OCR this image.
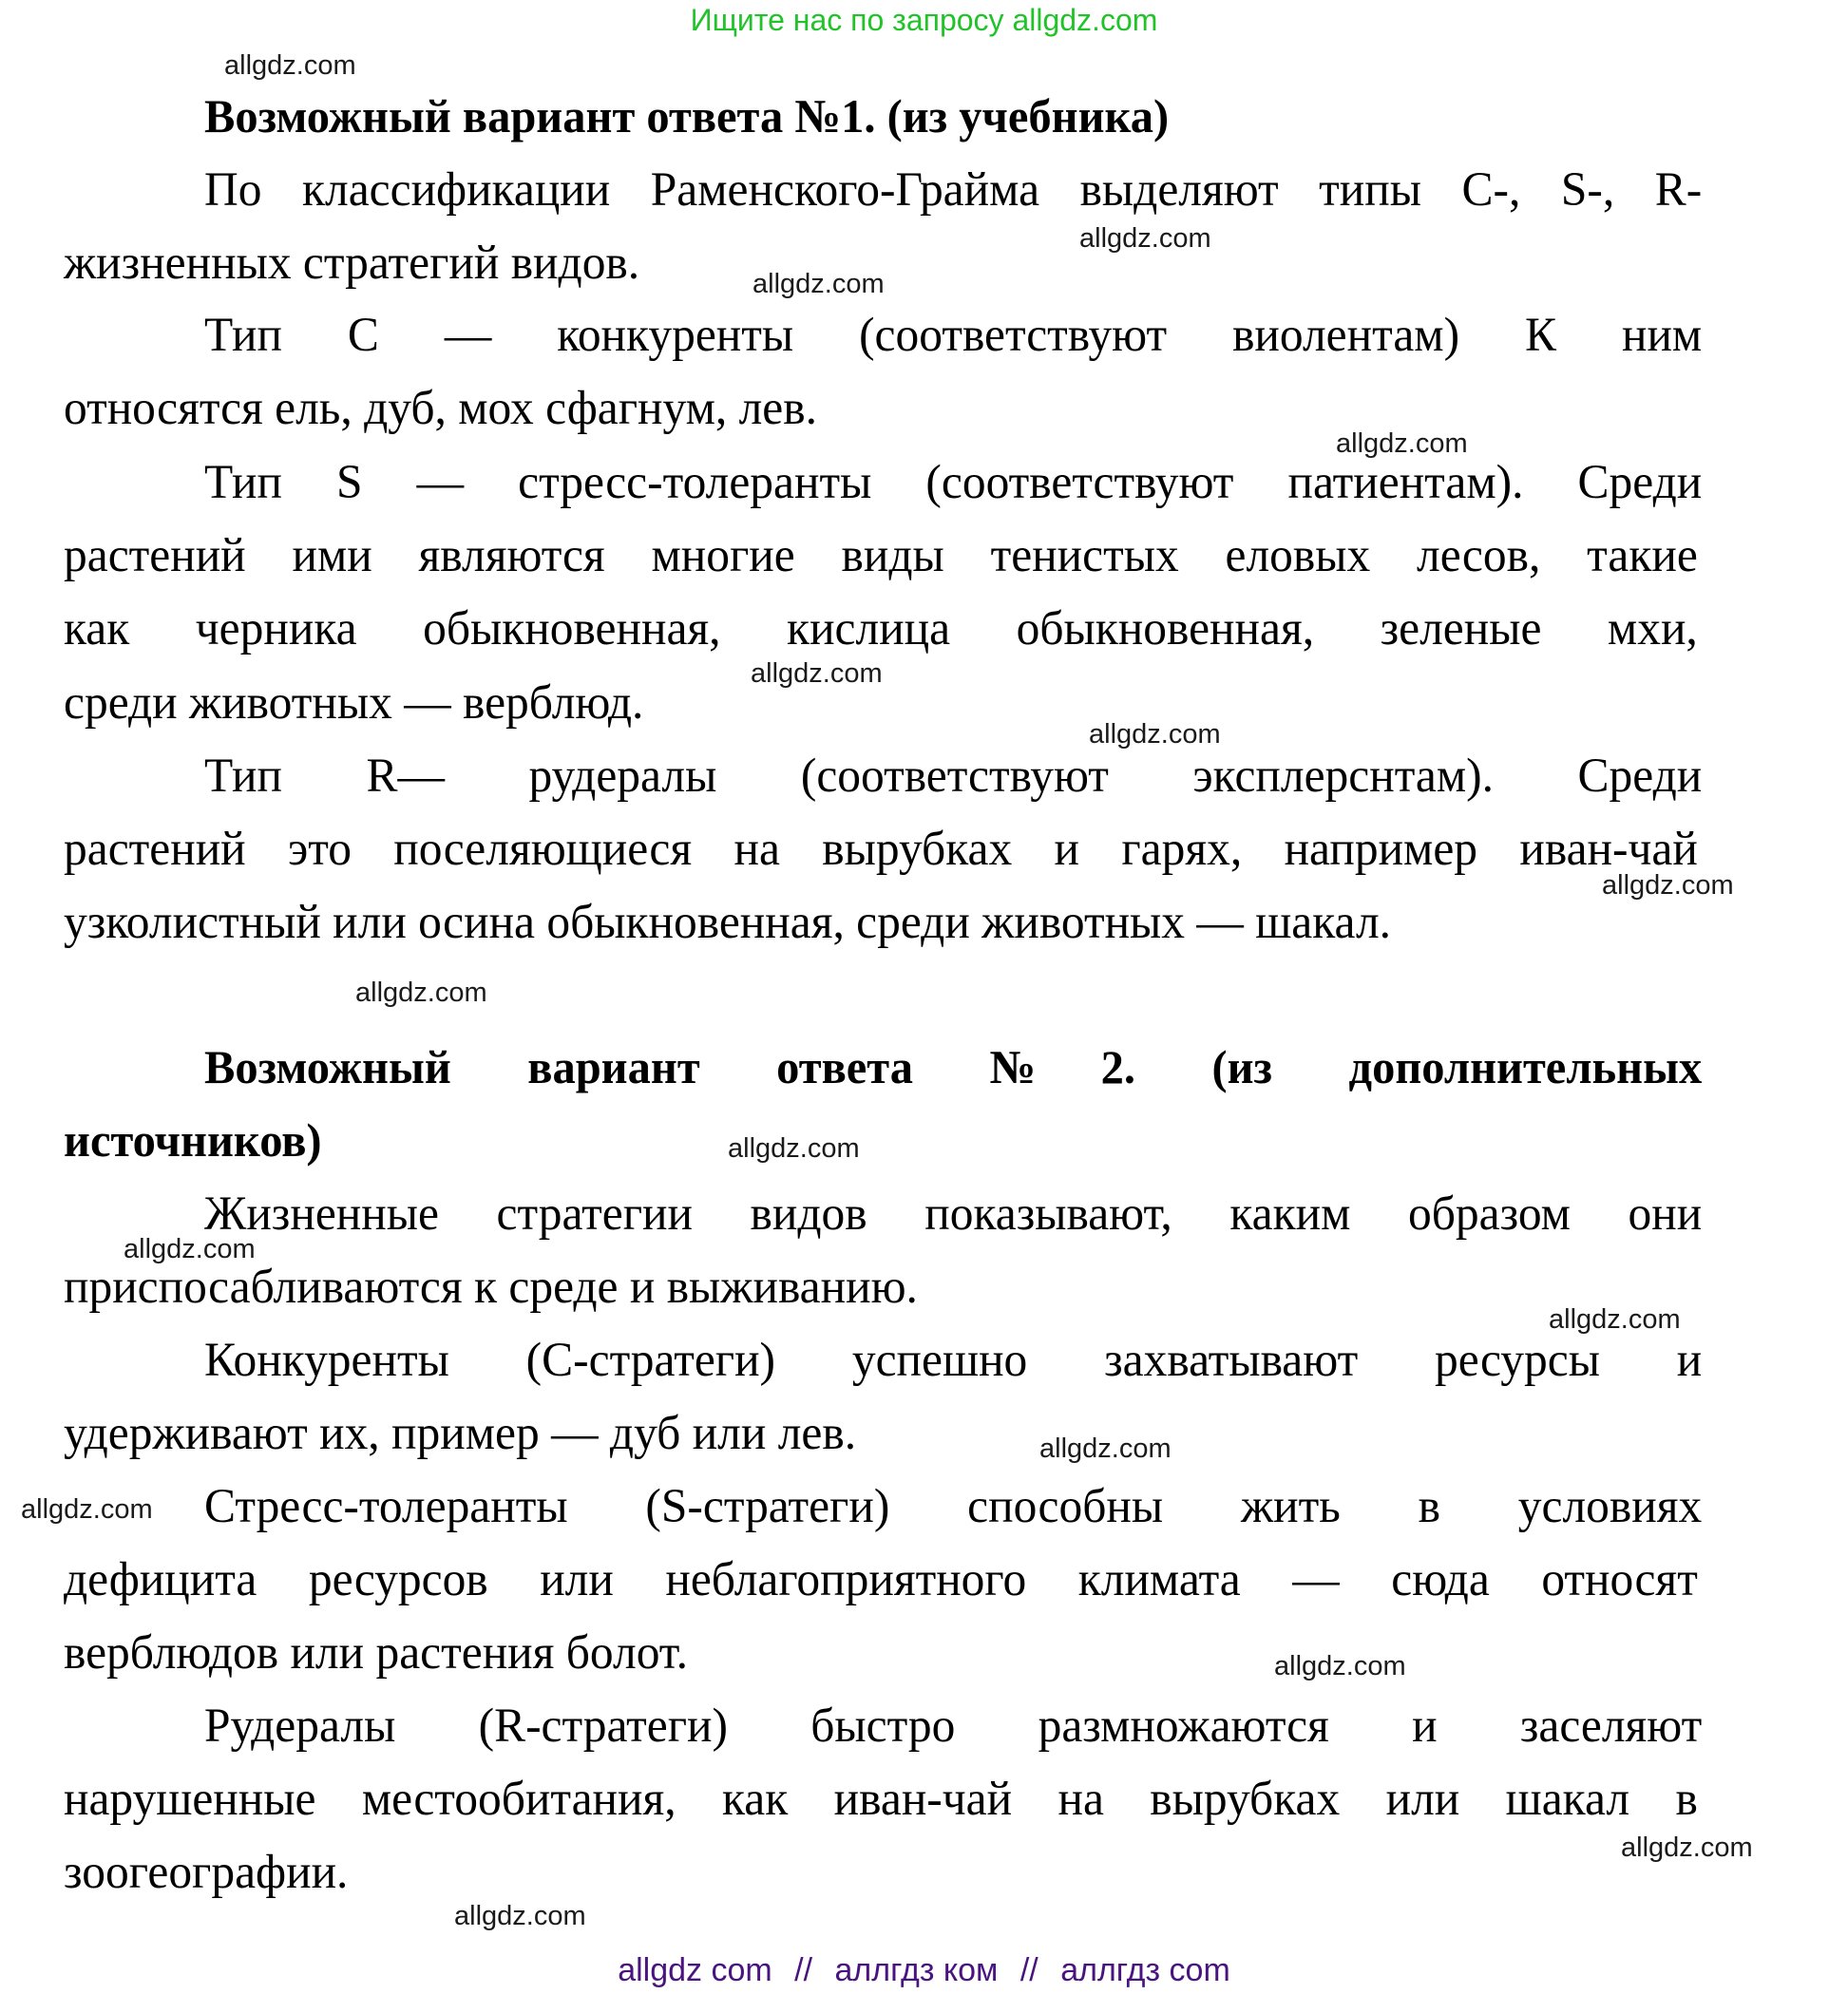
Ищите нас по запросу allgdz.com
Возможный вариант ответа №1. (из учебника)
По классификации Раменского-Грайма выделяют типы С-, S-, R-
жизненных стратегий видов.
Тип С — конкуренты (соответствуют виолентам) К ним
относятся ель, дуб, мох сфагнум, лев.
Тип S — стресс-толеранты (соответствуют патиентам). Среди
растений ими являются многие виды тенистых еловых лесов, такие
как черника обыкновенная, кислица обыкновенная, зеленые мхи,
среди животных — верблюд.
Тип R— рудералы (соответствуют эксплерснтам). Среди
растений это поселяющиеся на вырубках и гарях, например иван-чай
узколистный или осина обыкновенная, среди животных — шакал.
Возможный вариант ответа №2. (из дополнительных
источников)
Жизненные стратегии видов показывают, каким образом они
приспосабливаются к среде и выживанию.
Конкуренты (С-стратеги) успешно захватывают ресурсы и
удерживают их, пример — дуб или лев.
Стресс-толеранты (S-стратеги) способны жить в условиях
дефицита ресурсов или неблагоприятного климата — сюда относят
верблюдов или растения болот.
Рудералы (R-стратеги) быстро размножаются и заселяют
нарушенные местообитания, как иван-чай на вырубках или шакал в
зоогеографии.
allgdz.com
allgdz.com
allgdz.com
allgdz.com
allgdz.com
allgdz.com
allgdz.com
allgdz.com
allgdz.com
allgdz.com
allgdz.com
allgdz.com
allgdz.com
allgdz.com
allgdz.com
allgdz.com
allgdz com // аллгдз ком // аллгдз com
